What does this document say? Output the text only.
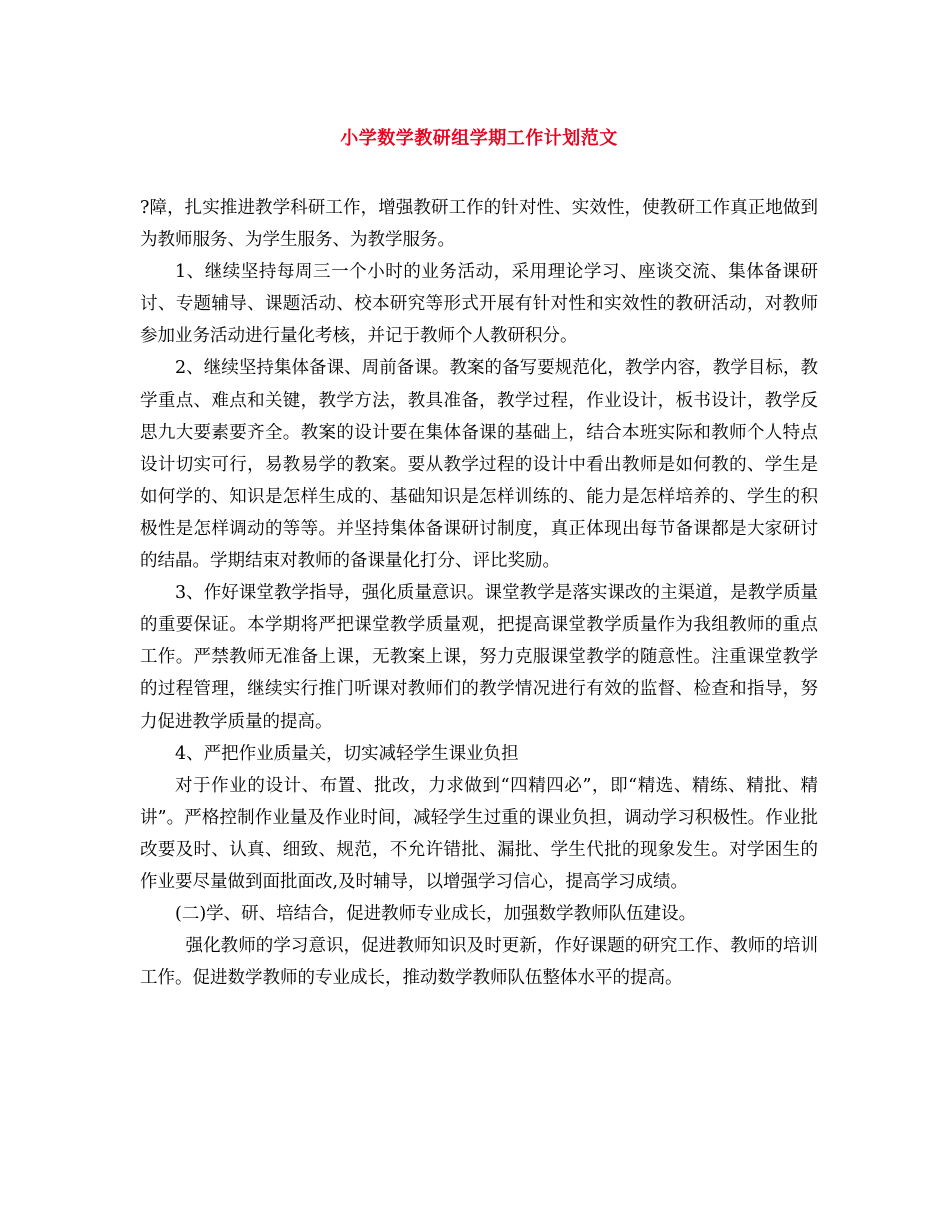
小学数学教研组学期工作计划范文

?障，扎实推进教学科研工作，增强教研工作的针对性、实效性，使教研工作真正地做到为教师服务、为学生服务、为教学服务。

1、继续坚持每周三一个小时的业务活动，采用理论学习、座谈交流、集体备课研讨、专题辅导、课题活动、校本研究等形式开展有针对性和实效性的教研活动，对教师参加业务活动进行量化考核，并记于教师个人教研积分。

2、继续坚持集体备课、周前备课。教案的备写要规范化，教学内容，教学目标，教学重点、难点和关键，教学方法，教具准备，教学过程，作业设计，板书设计，教学反思九大要素要齐全。教案的设计要在集体备课的基础上，结合本班实际和教师个人特点设计切实可行，易教易学的教案。要从教学过程的设计中看出教师是如何教的、学生是如何学的、知识是怎样生成的、基础知识是怎样训练的、能力是怎样培养的、学生的积极性是怎样调动的等等。并坚持集体备课研讨制度，真正体现出每节备课都是大家研讨的结晶。学期结束对教师的备课量化打分、评比奖励。

3、作好课堂教学指导，强化质量意识。课堂教学是落实课改的主渠道，是教学质量的重要保证。本学期将严把课堂教学质量观，把提高课堂教学质量作为我组教师的重点工作。严禁教师无准备上课，无教案上课，努力克服课堂教学的随意性。注重课堂教学的过程管理，继续实行推门听课对教师们的教学情况进行有效的监督、检查和指导，努力促进教学质量的提高。

4、严把作业质量关，切实减轻学生课业负担

对于作业的设计、布置、批改，力求做到“四精四必”，即“精选、精练、精批、精讲”。严格控制作业量及作业时间，减轻学生过重的课业负担，调动学习积极性。作业批改要及时、认真、细致、规范，不允许错批、漏批、学生代批的现象发生。对学困生的作业要尽量做到面批面改,及时辅导，以增强学习信心，提高学习成绩。

(二)学、研、培结合，促进教师专业成长，加强数学教师队伍建设。

强化教师的学习意识，促进教师知识及时更新，作好课题的研究工作、教师的培训工作。促进数学教师的专业成长，推动数学教师队伍整体水平的提高。
